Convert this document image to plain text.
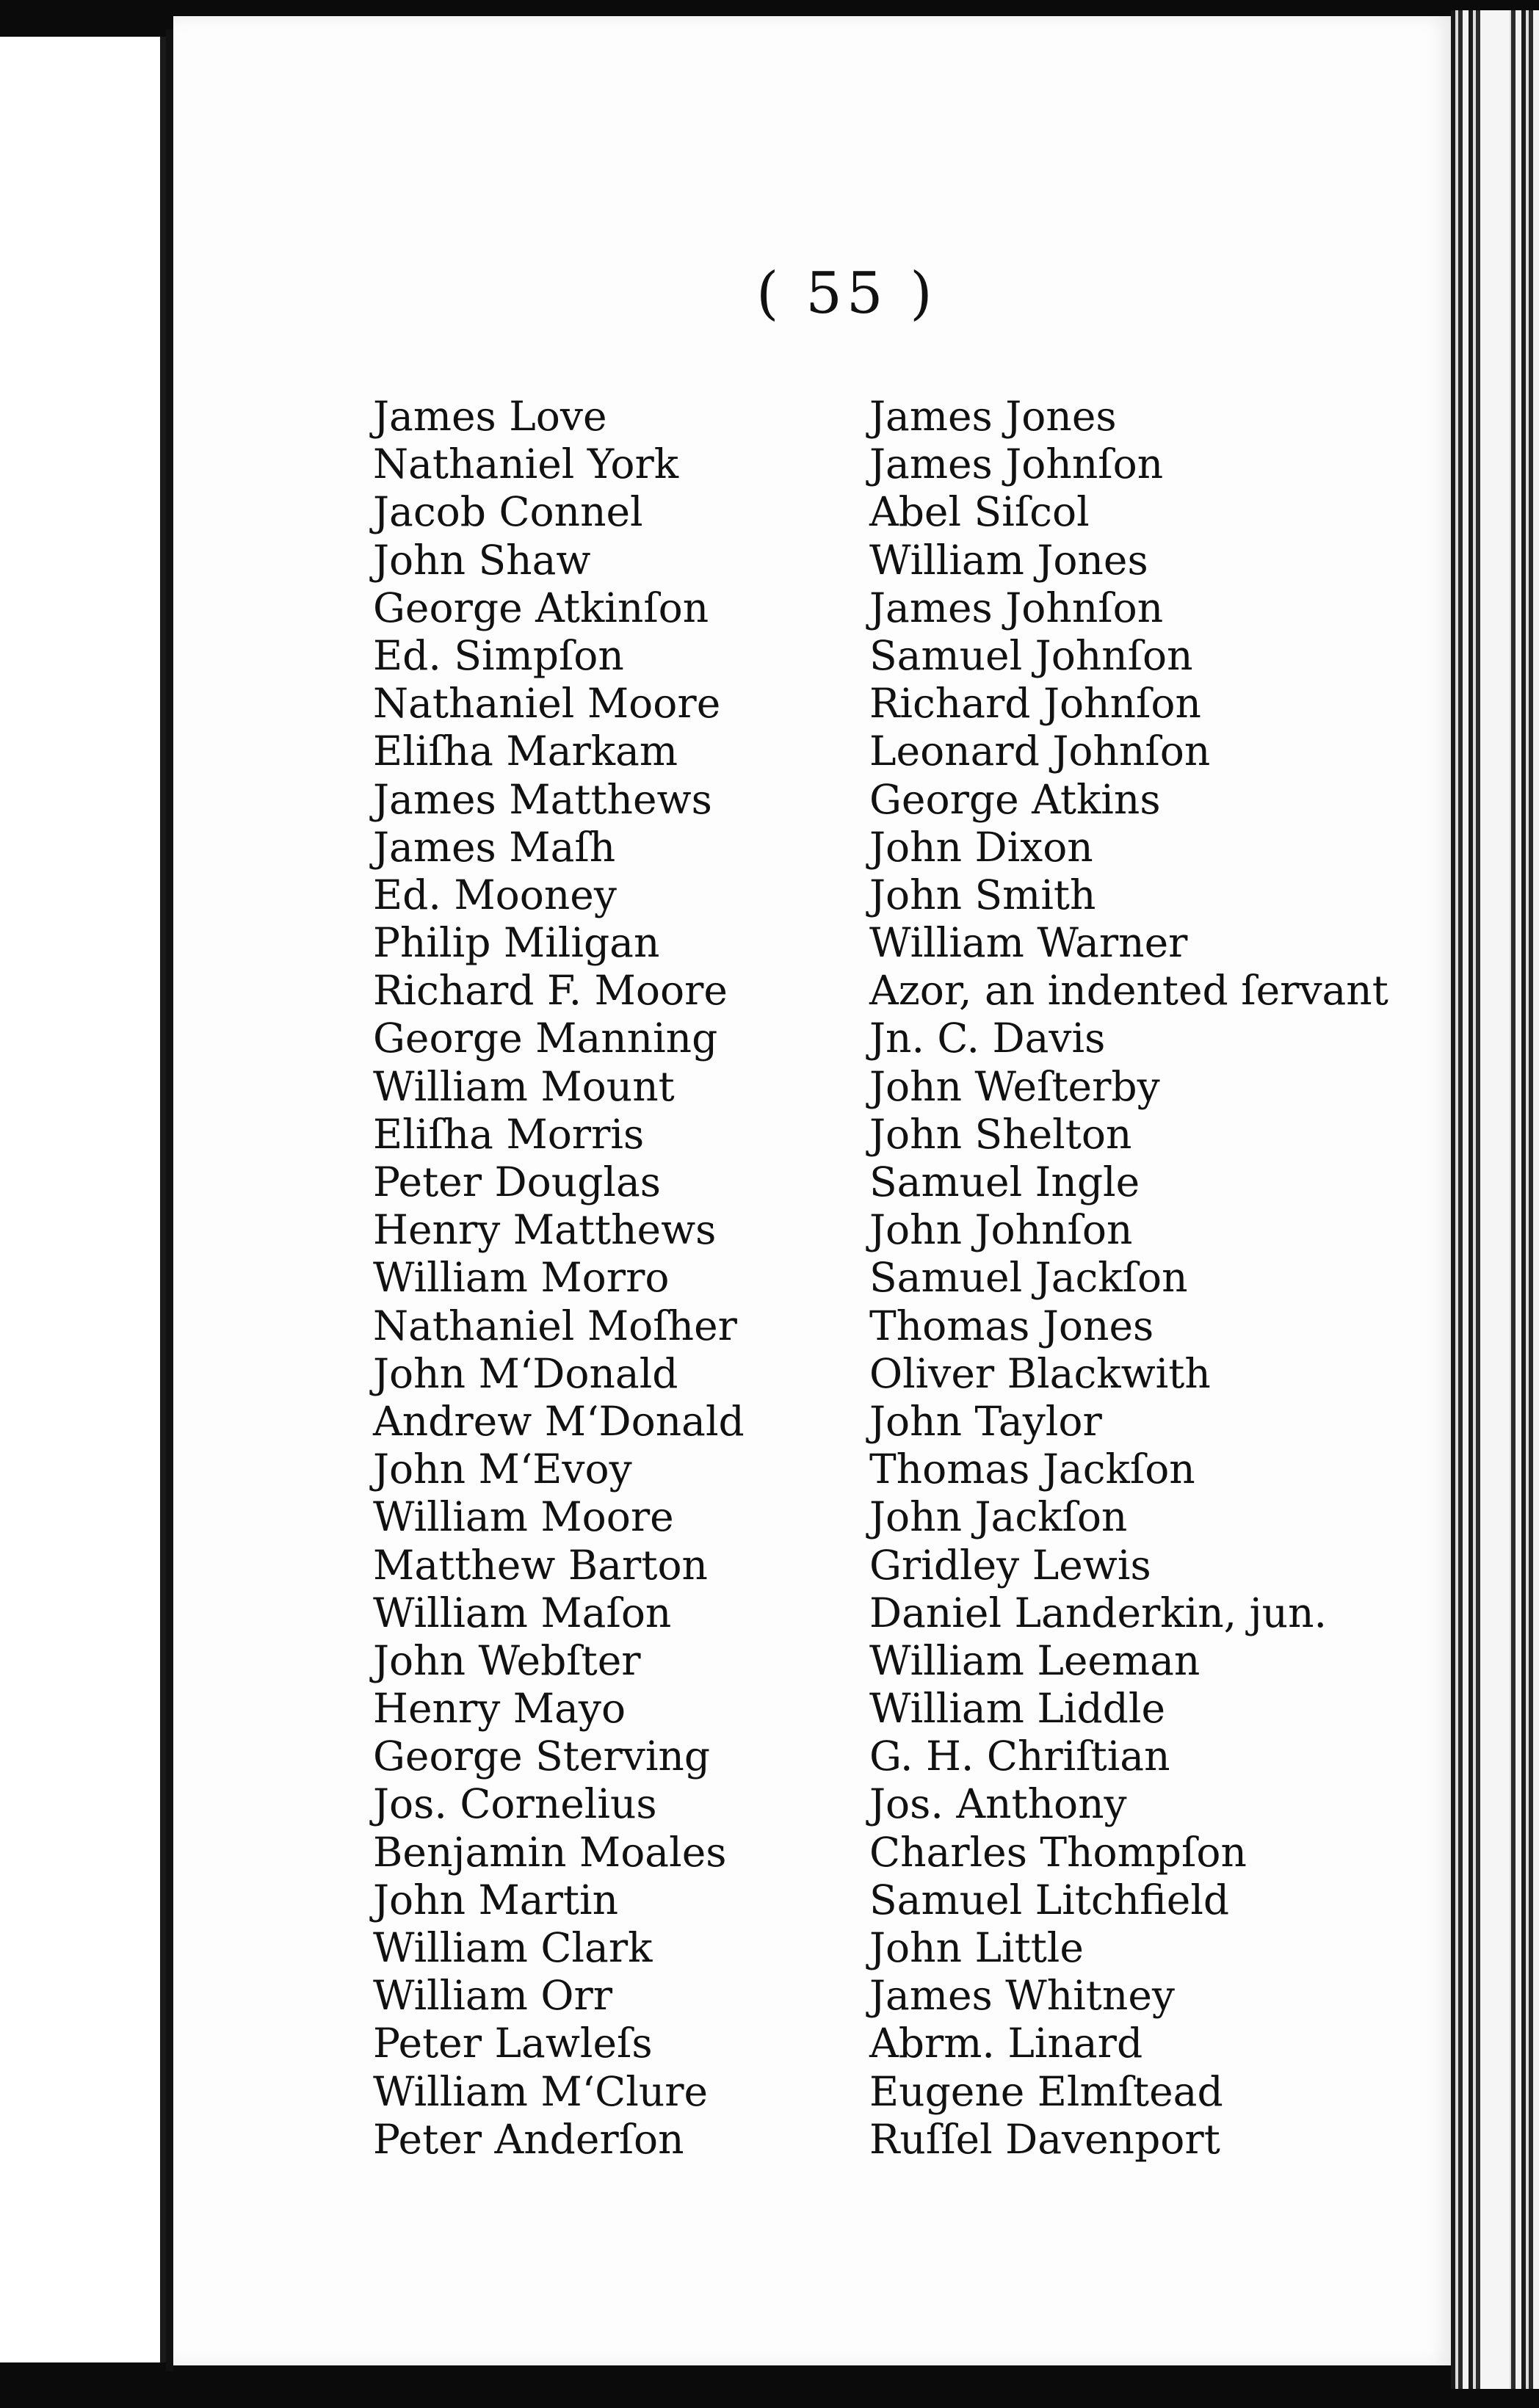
( 55 )
James Love
Nathaniel York
Jacob Connel
John Shaw
George Atkinſon
Ed. Simpſon
Nathaniel Moore
Eliſha Markam
James Matthews
James Maſh
Ed. Mooney
Philip Miligan
Richard F. Moore
George Manning
William Mount
Eliſha Morris
Peter Douglas
Henry Matthews
William Morro
Nathaniel Moſher
John M‘Donald
Andrew M‘Donald
John M‘Evoy
William Moore
Matthew Barton
William Maſon
John Webſter
Henry Mayo
George Sterving
Jos. Cornelius
Benjamin Moales
John Martin
William Clark
William Orr
Peter Lawleſs
William M‘Clure
Peter Anderſon
James Jones
James Johnſon
Abel Siſcol
William Jones
James Johnſon
Samuel Johnſon
Richard Johnſon
Leonard Johnſon
George Atkins
John Dixon
John Smith
William Warner
Azor, an indented ſervant
Jn. C. Davis
John Weſterby
John Shelton
Samuel Ingle
John Johnſon
Samuel Jackſon
Thomas Jones
Oliver Blackwith
John Taylor
Thomas Jackſon
John Jackſon
Gridley Lewis
Daniel Landerkin, jun.
William Leeman
William Liddle
G. H. Chriſtian
Jos. Anthony
Charles Thompſon
Samuel Litchfield
John Little
James Whitney
Abrm. Linard
Eugene Elmſtead
Ruſſel Davenport
